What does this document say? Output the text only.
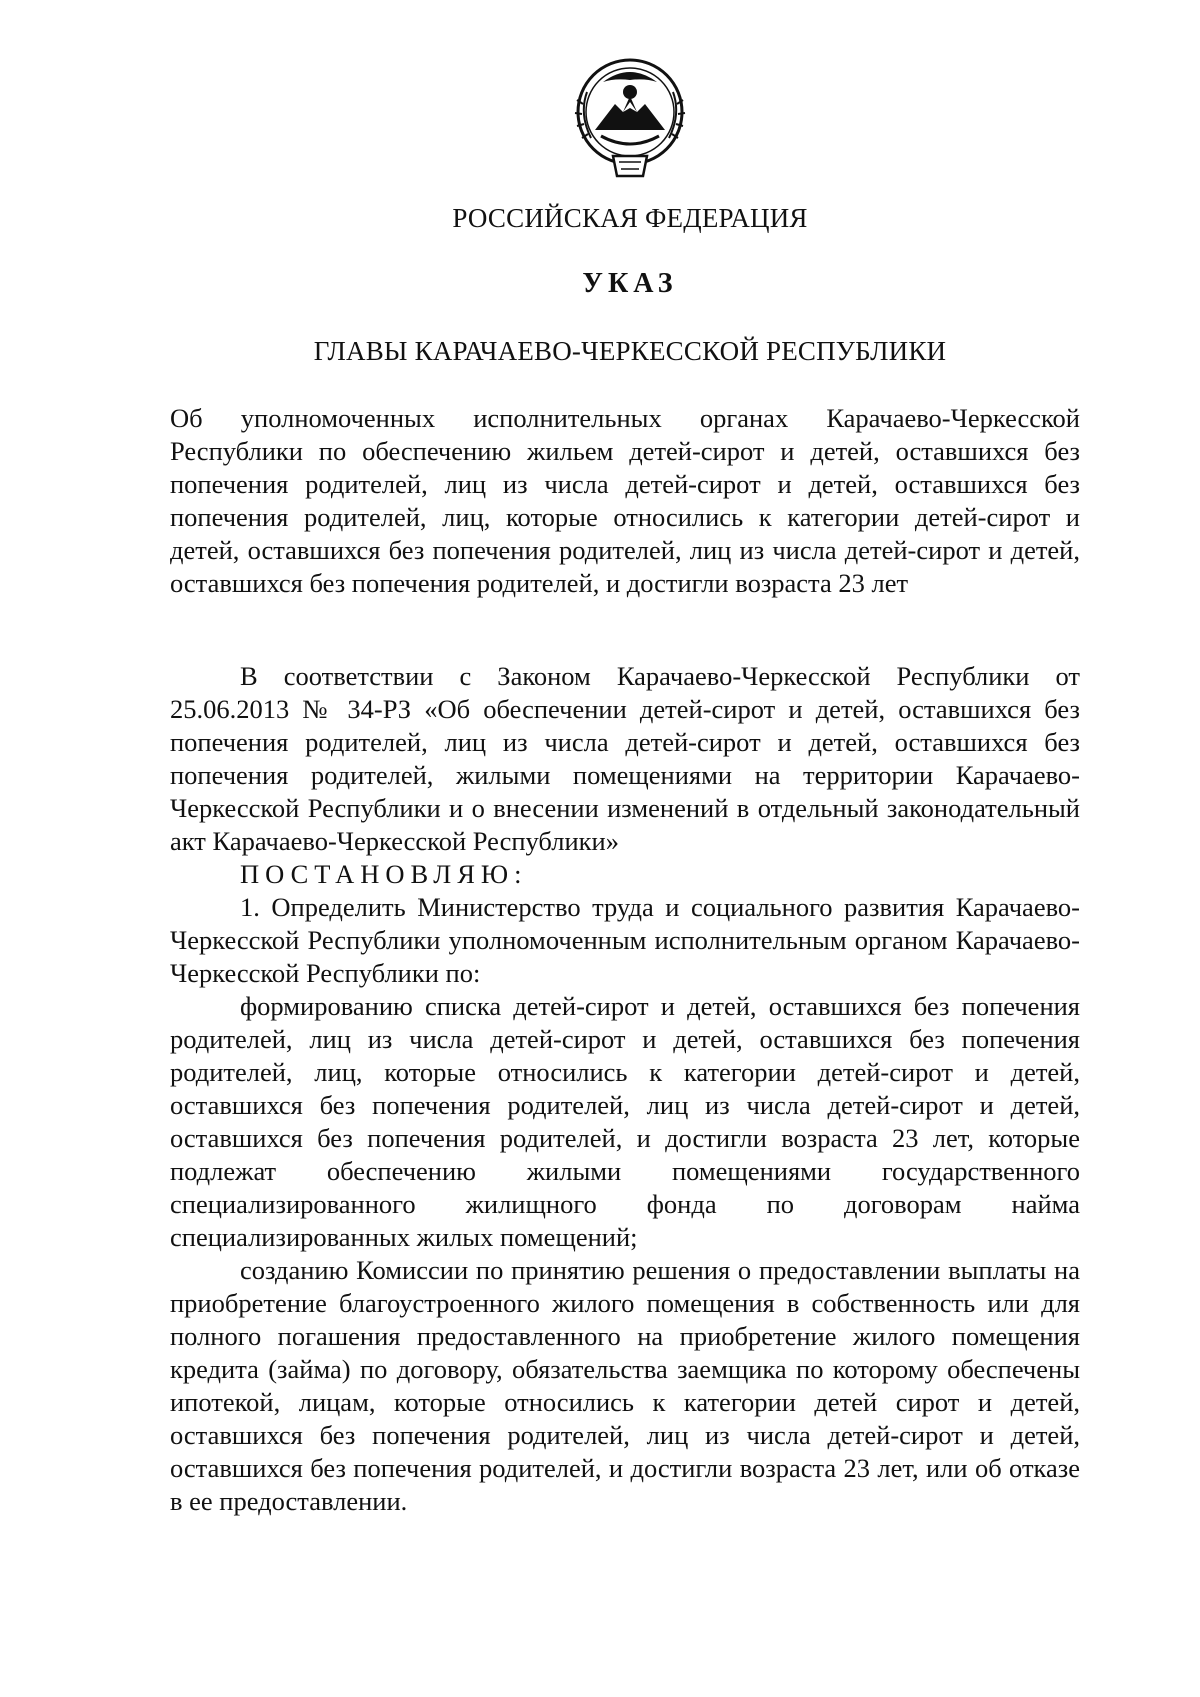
РОССИЙСКАЯ ФЕДЕРАЦИЯ
УКАЗ
ГЛАВЫ КАРАЧАЕВО-ЧЕРКЕССКОЙ РЕСПУБЛИКИ

Об уполномоченных исполнительных органах Карачаево-Черкесской Республики по обеспечению жильем детей-сирот и детей, оставшихся без попечения родителей, лиц из числа детей-сирот и детей, оставшихся без попечения родителей, лиц, которые относились к категории детей-сирот и детей, оставшихся без попечения родителей, лиц из числа детей-сирот и детей, оставшихся без попечения родителей, и достигли возраста 23 лет

В соответствии с Законом Карачаево-Черкесской Республики от 25.06.2013 № 34-РЗ «Об обеспечении детей-сирот и детей, оставшихся без попечения родителей, лиц из числа детей-сирот и детей, оставшихся без попечения родителей, жилыми помещениями на территории Карачаево-Черкесской Республики и о внесении изменений в отдельный законодательный акт Карачаево-Черкесской Республики»

ПОСТАНОВЛЯЮ:

1. Определить Министерство труда и социального развития Карачаево-Черкесской Республики уполномоченным исполнительным органом Карачаево-Черкесской Республики по:

формированию списка детей-сирот и детей, оставшихся без попечения родителей, лиц из числа детей-сирот и детей, оставшихся без попечения родителей, лиц, которые относились к категории детей-сирот и детей, оставшихся без попечения родителей, лиц из числа детей-сирот и детей, оставшихся без попечения родителей, и достигли возраста 23 лет, которые подлежат обеспечению жилыми помещениями государственного специализированного жилищного фонда по договорам найма специализированных жилых помещений;

созданию Комиссии по принятию решения о предоставлении выплаты на приобретение благоустроенного жилого помещения в собственность или для полного погашения предоставленного на приобретение жилого помещения кредита (займа) по договору, обязательства заемщика по которому обеспечены ипотекой, лицам, которые относились к категории детей сирот и детей, оставшихся без попечения родителей, лиц из числа детей-сирот и детей, оставшихся без попечения родителей, и достигли возраста 23 лет, или об отказе в ее предоставлении.
